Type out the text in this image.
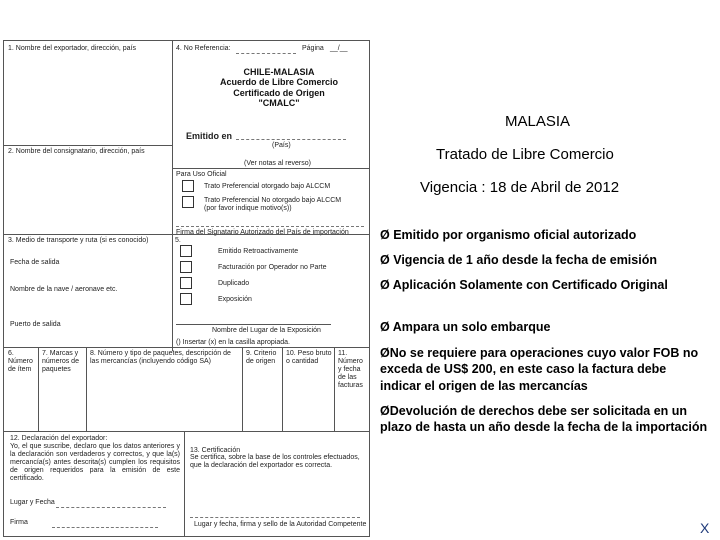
1. Nombre del exportador, dirección, país	4. No Referencia:	Página __/__
CHILE-MALASIA
Acuerdo de Libre Comercio
Certificado de Origen
"CMALC"
Emitido en
(País)
2. Nombre del consignatario, dirección, país
(Ver notas al reverso)
Para Uso Oficial
Trato Preferencial otorgado bajo ALCCM
Trato Preferencial No otorgado bajo ALCCM (por favor indique motivo(s))
Firma del Signatario Autorizado del País de importación
3. Medio de transporte y ruta (si es conocido)	5.
Fecha de salida
Emitido Retroactivamente
Facturación por Operador no Parte
Duplicado
Nombre de la nave / aeronave etc.
Exposición
Puerto de salida
Nombre del Lugar de la Exposición
() Insertar (x) en la casilla apropiada.
6. Número de ítem
7. Marcas y números de paquetes
8. Número y tipo de paquetes, descripción de las mercancías (incluyendo código SA)
9. Criterio de origen
10. Peso bruto o cantidad
11. Número y fecha de las facturas
12. Declaración del exportador:
Yo, el que suscribe, declaro que los datos anteriores y la declaración son verdaderos y correctos, y que la(s) mercancía(s) antes descrita(s) cumplen los requisitos de origen requeridos para la emisión de este certificado.
Lugar y Fecha
Firma
13. Certificación
Se certifica, sobre la base de los controles efectuados, que la declaración del exportador es correcta.
Lugar y fecha, firma y sello de la Autoridad Competente
MALASIA
Tratado de Libre Comercio
Vigencia : 18 de Abril de 2012
Ø Emitido por organismo oficial autorizado
Ø Vigencia de 1 año desde la fecha de emisión
Ø Aplicación Solamente con Certificado Original
Ø Ampara un solo embarque
ØNo se requiere para operaciones cuyo valor FOB no exceda de US$ 200, en este caso la factura debe indicar el origen de las mercancías
ØDevolución de derechos debe ser solicitada en un plazo de hasta un año desde la fecha de la importación
X
